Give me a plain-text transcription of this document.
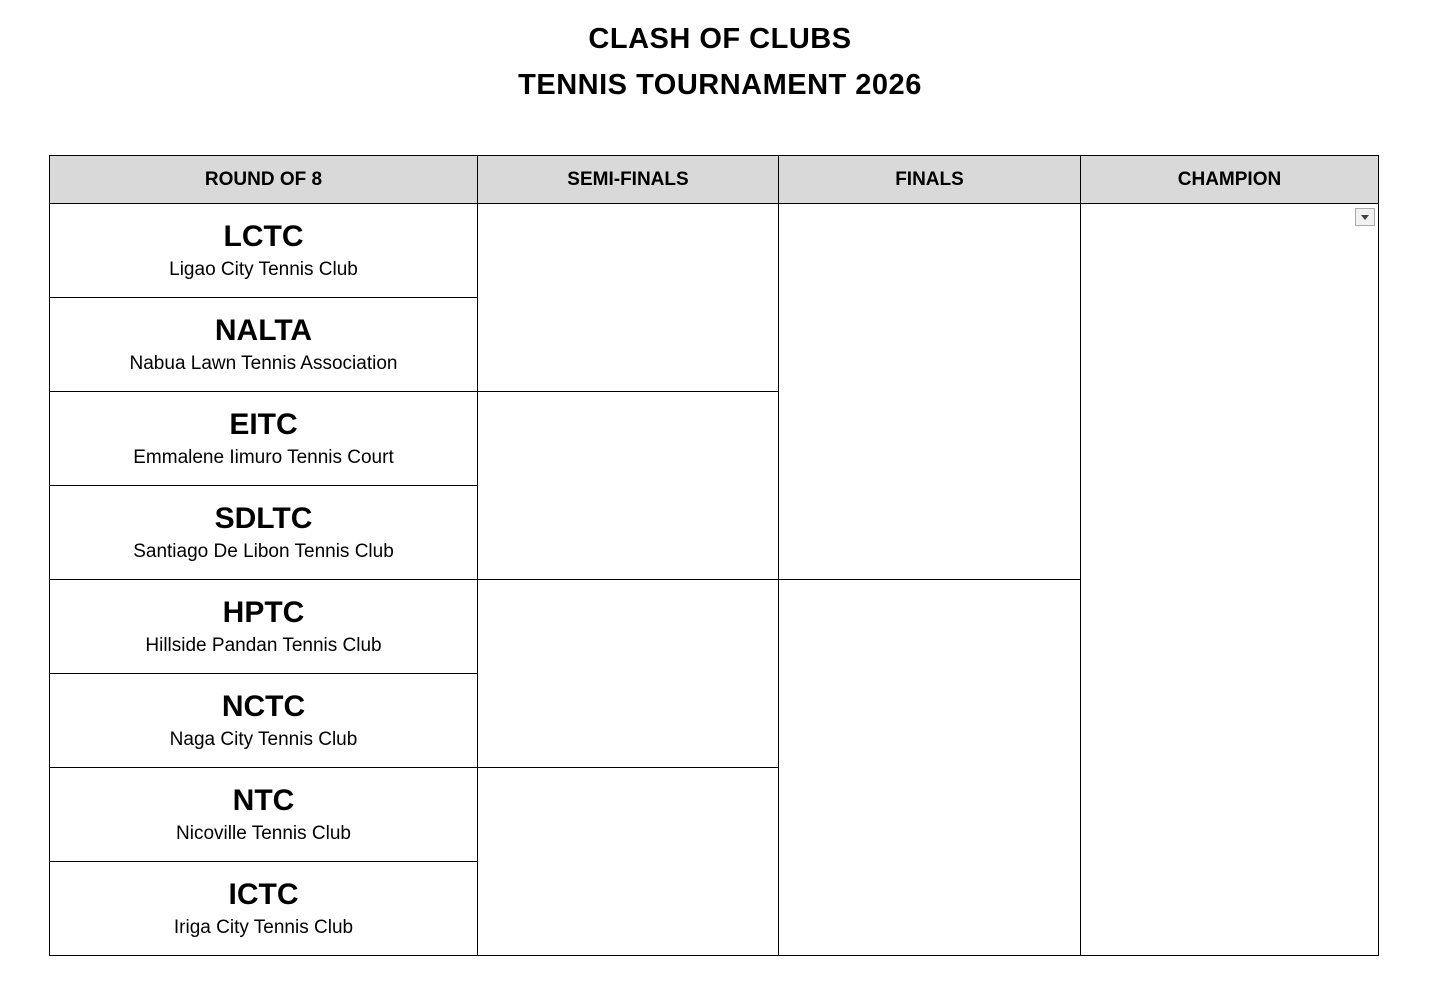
CLASH OF CLUBS
TENNIS TOURNAMENT 2026
ROUND OF 8	SEMI-FINALS	FINALS	CHAMPION
LCTC
Ligao City Tennis Club
NALTA
Nabua Lawn Tennis Association
EITC
Emmalene Iimuro Tennis Court
SDLTC
Santiago De Libon Tennis Club
HPTC
Hillside Pandan Tennis Club
NCTC
Naga City Tennis Club
NTC
Nicoville Tennis Club
ICTC
Iriga City Tennis Club
